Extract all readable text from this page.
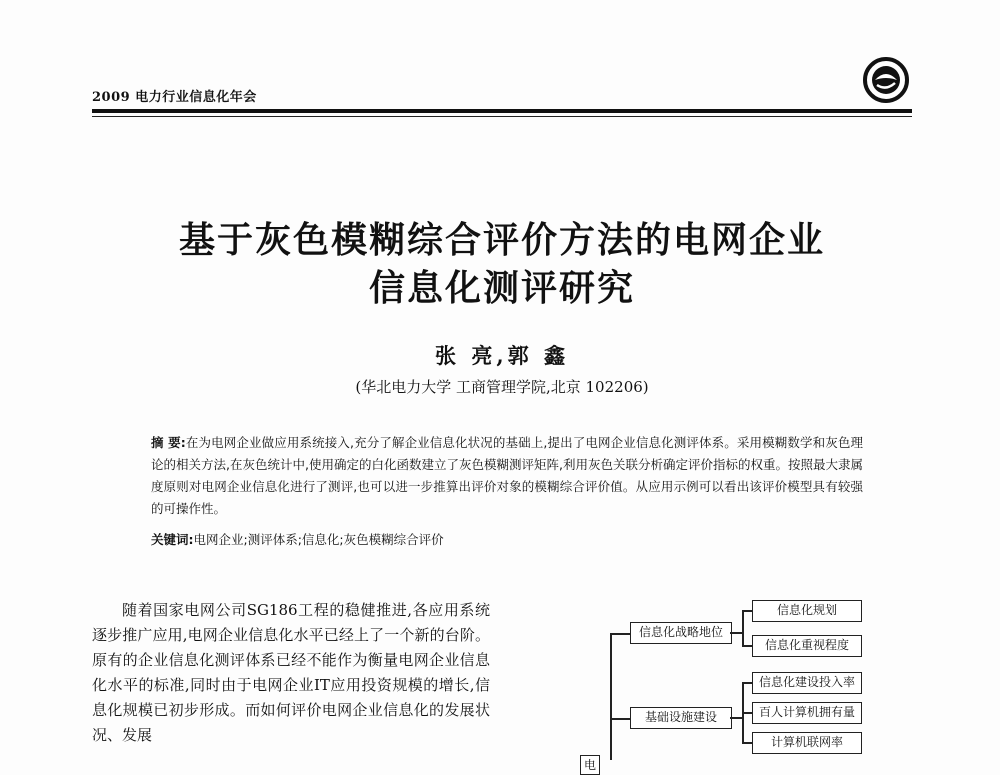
2009 电力行业信息化年会
基于灰色模糊综合评价方法的电网企业
信息化测评研究
张 亮,郭 鑫
(华北电力大学 工商管理学院,北京 102206)
摘 要:在为电网企业做应用系统接入,充分了解企业信息化状况的基础上,提出了电网企业信息化测评体系。采用模糊数学和灰色理论的相关方法,在灰色统计中,使用确定的白化函数建立了灰色模糊测评矩阵,利用灰色关联分析确定评价指标的权重。按照最大隶属度原则对电网企业信息化进行了测评,也可以进一步推算出评价对象的模糊综合评价值。从应用示例可以看出该评价模型具有较强的可操作性。
关键词:电网企业;测评体系;信息化;灰色模糊综合评价

随着国家电网公司SG186工程的稳健推进,各应用系统逐步推广应用,电网企业信息化水平已经上了一个新的台阶。原有的企业信息化测评体系已经不能作为衡量电网企业信息化水平的标准,同时由于电网企业IT应用投资规模的增长,信息化规模已初步形成。而如何评价电网企业信息化的发展状况、发展

电
信息化战略地位
信息化规划
信息化重视程度
基础设施建设
信息化建设投入率
百人计算机拥有量
计算机联网率
